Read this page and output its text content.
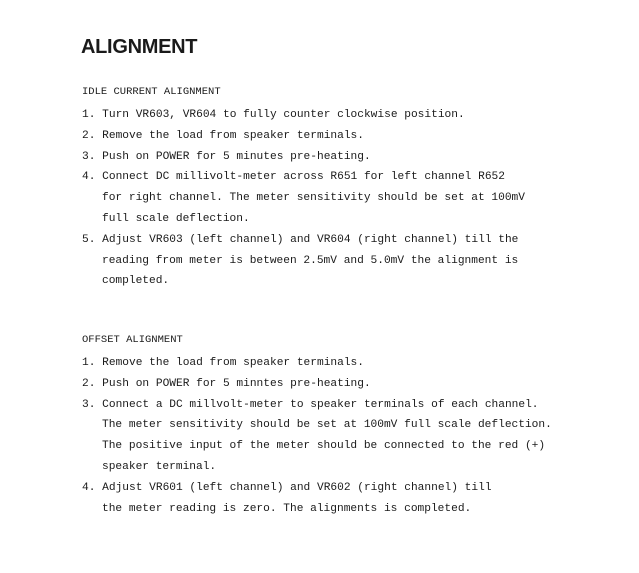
ALIGNMENT
IDLE CURRENT ALIGNMENT
1. Turn VR603, VR604 to fully counter clockwise position.
2. Remove the load from speaker terminals.
3. Push on POWER for 5 minutes pre-heating.
4. Connect DC millivolt-meter across R651 for left channel R652
for right channel. The meter sensitivity should be set at 100mV
full scale deflection.
5. Adjust VR603 (left channel) and VR604 (right channel) till the
reading from meter is between 2.5mV and 5.0mV the alignment is
completed.
OFFSET ALIGNMENT
1. Remove the load from speaker terminals.
2. Push on POWER for 5 minntes pre-heating.
3. Connect a DC millvolt-meter to speaker terminals of each channel.
The meter sensitivity should be set at 100mV full scale deflection.
The positive input of the meter should be connected to the red (+)
speaker terminal.
4. Adjust VR601 (left channel) and VR602 (right channel) till
the meter reading is zero. The alignments is completed.
